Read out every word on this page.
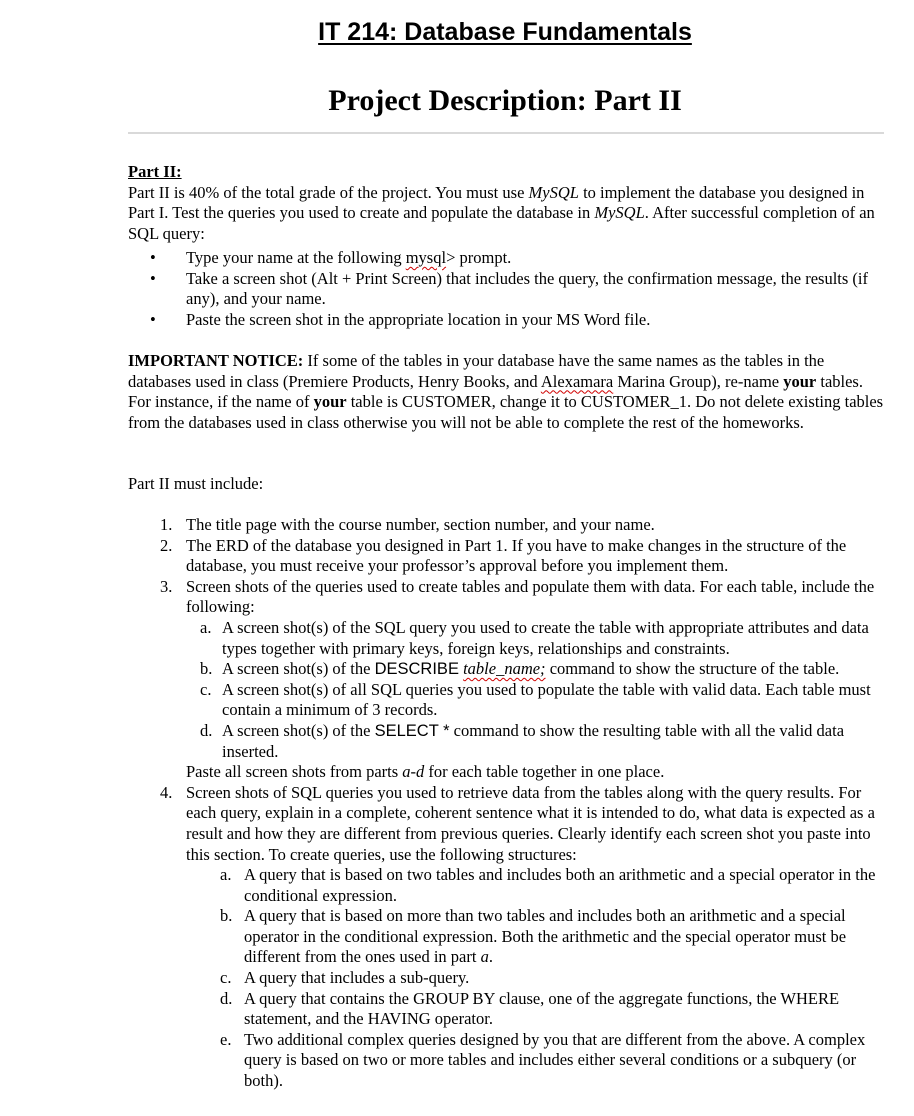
IT 214: Database Fundamentals
Project Description: Part II
Part II:
Part II is 40% of the total grade of the project. You must use MySQL to implement the database you designed in Part I. Test the queries you used to create and populate the database in MySQL. After successful completion of an SQL query:
• Type your name at the following mysql> prompt.
• Take a screen shot (Alt + Print Screen) that includes the query, the confirmation message, the results (if any), and your name.
• Paste the screen shot in the appropriate location in your MS Word file.
IMPORTANT NOTICE: If some of the tables in your database have the same names as the tables in the databases used in class (Premiere Products, Henry Books, and Alexamara Marina Group), re-name your tables. For instance, if the name of your table is CUSTOMER, change it to CUSTOMER_1. Do not delete existing tables from the databases used in class otherwise you will not be able to complete the rest of the homeworks.
Part II must include:
1. The title page with the course number, section number, and your name.
2. The ERD of the database you designed in Part 1. If you have to make changes in the structure of the database, you must receive your professor’s approval before you implement them.
3. Screen shots of the queries used to create tables and populate them with data. For each table, include the following:
a. A screen shot(s) of the SQL query you used to create the table with appropriate attributes and data types together with primary keys, foreign keys, relationships and constraints.
b. A screen shot(s) of the DESCRIBE table_name; command to show the structure of the table.
c. A screen shot(s) of all SQL queries you used to populate the table with valid data. Each table must contain a minimum of 3 records.
d. A screen shot(s) of the SELECT * command to show the resulting table with all the valid data inserted.
Paste all screen shots from parts a-d for each table together in one place.
4. Screen shots of SQL queries you used to retrieve data from the tables along with the query results. For each query, explain in a complete, coherent sentence what it is intended to do, what data is expected as a result and how they are different from previous queries. Clearly identify each screen shot you paste into this section. To create queries, use the following structures:
a. A query that is based on two tables and includes both an arithmetic and a special operator in the conditional expression.
b. A query that is based on more than two tables and includes both an arithmetic and a special operator in the conditional expression. Both the arithmetic and the special operator must be different from the ones used in part a.
c. A query that includes a sub-query.
d. A query that contains the GROUP BY clause, one of the aggregate functions, the WHERE statement, and the HAVING operator.
e. Two additional complex queries designed by you that are different from the above. A complex query is based on two or more tables and includes either several conditions or a subquery (or both).
